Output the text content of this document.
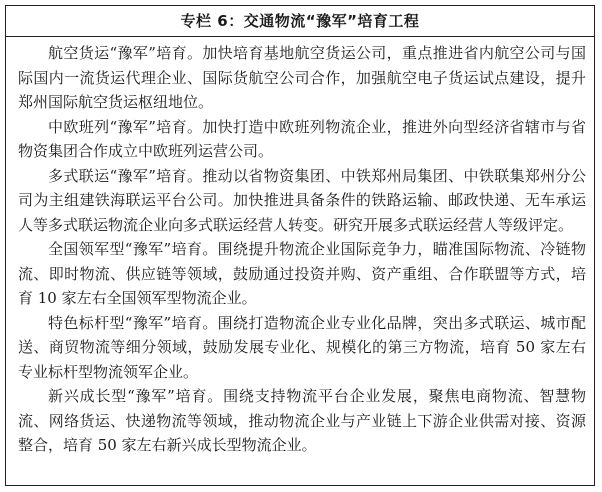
专栏 6：交通物流“豫军”培育工程

航空货运“豫军”培育。加快培育基地航空货运公司，重点推进省内航空公司与国际国内一流货运代理企业、国际货航空公司合作，加强航空电子货运试点建设，提升郑州国际航空货运枢纽地位。

中欧班列“豫军”培育。加快打造中欧班列物流企业，推进外向型经济省辖市与省物资集团合作成立中欧班列运营公司。

多式联运“豫军”培育。推动以省物资集团、中铁郑州局集团、中铁联集郑州分公司为主组建铁海联运平台公司。加快推进具备条件的铁路运输、邮政快递、无车承运人等多式联运物流企业向多式联运经营人转变。研究开展多式联运经营人等级评定。

全国领军型“豫军”培育。围绕提升物流企业国际竞争力，瞄准国际物流、冷链物流、即时物流、供应链等领域，鼓励通过投资并购、资产重组、合作联盟等方式，培育 10 家左右全国领军型物流企业。

特色标杆型“豫军”培育。围绕打造物流企业专业化品牌，突出多式联运、城市配送、商贸物流等细分领域，鼓励发展专业化、规模化的第三方物流，培育 50 家左右专业标杆型物流领军企业。

新兴成长型“豫军”培育。围绕支持物流平台企业发展，聚焦电商物流、智慧物流、网络货运、快递物流等领域，推动物流企业与产业链上下游企业供需对接、资源整合，培育 50 家左右新兴成长型物流企业。
